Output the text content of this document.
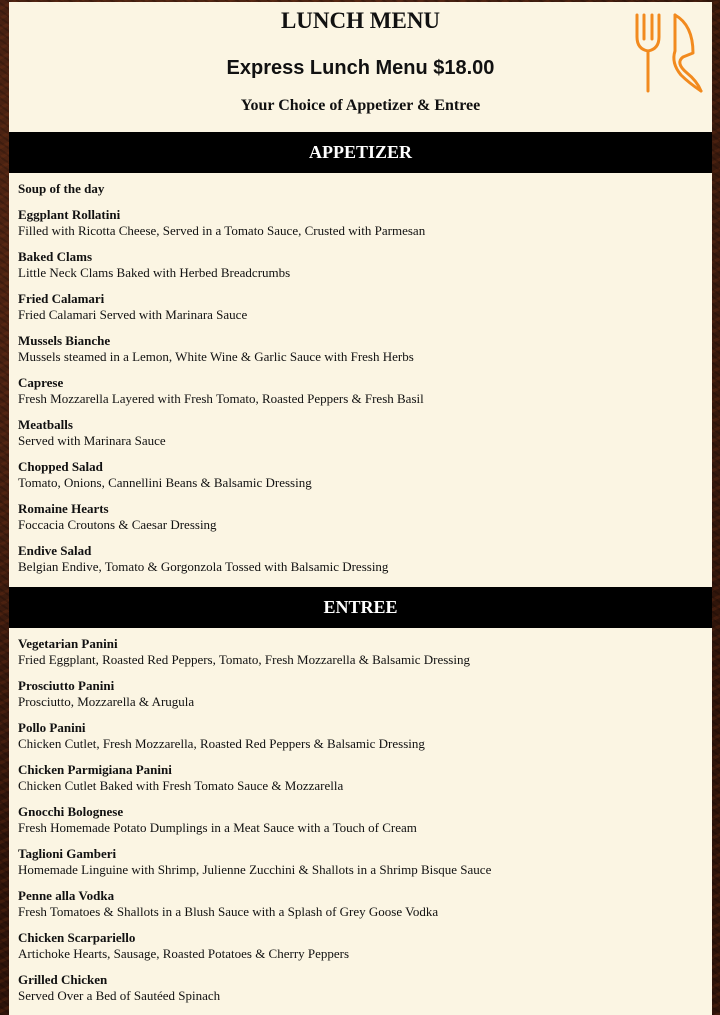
LUNCH MENU
Express Lunch Menu $18.00
Your Choice of Appetizer & Entree
APPETIZER
Soup of the day
Eggplant Rollatini
Filled with Ricotta Cheese, Served in a Tomato Sauce, Crusted with Parmesan
Baked Clams
Little Neck Clams Baked with Herbed Breadcrumbs
Fried Calamari
Fried Calamari Served with Marinara Sauce
Mussels Bianche
Mussels steamed in a Lemon, White Wine & Garlic Sauce with Fresh Herbs
Caprese
Fresh Mozzarella Layered with Fresh Tomato, Roasted Peppers & Fresh Basil
Meatballs
Served with Marinara Sauce
Chopped Salad
Tomato, Onions, Cannellini Beans & Balsamic Dressing
Romaine Hearts
Foccacia Croutons & Caesar Dressing
Endive Salad
Belgian Endive, Tomato & Gorgonzola Tossed with Balsamic Dressing
ENTREE
Vegetarian Panini
Fried Eggplant, Roasted Red Peppers, Tomato, Fresh Mozzarella & Balsamic Dressing
Prosciutto Panini
Prosciutto, Mozzarella & Arugula
Pollo Panini
Chicken Cutlet, Fresh Mozzarella, Roasted Red Peppers & Balsamic Dressing
Chicken Parmigiana Panini
Chicken Cutlet Baked with Fresh Tomato Sauce & Mozzarella
Gnocchi Bolognese
Fresh Homemade Potato Dumplings in a Meat Sauce with a Touch of Cream
Taglioni Gamberi
Homemade Linguine with Shrimp, Julienne Zucchini & Shallots in a Shrimp Bisque Sauce
Penne alla Vodka
Fresh Tomatoes & Shallots in a Blush Sauce with a Splash of Grey Goose Vodka
Chicken Scarpariello
Artichoke Hearts, Sausage, Roasted Potatoes & Cherry Peppers
Grilled Chicken
Served Over a Bed of Sautéed Spinach
